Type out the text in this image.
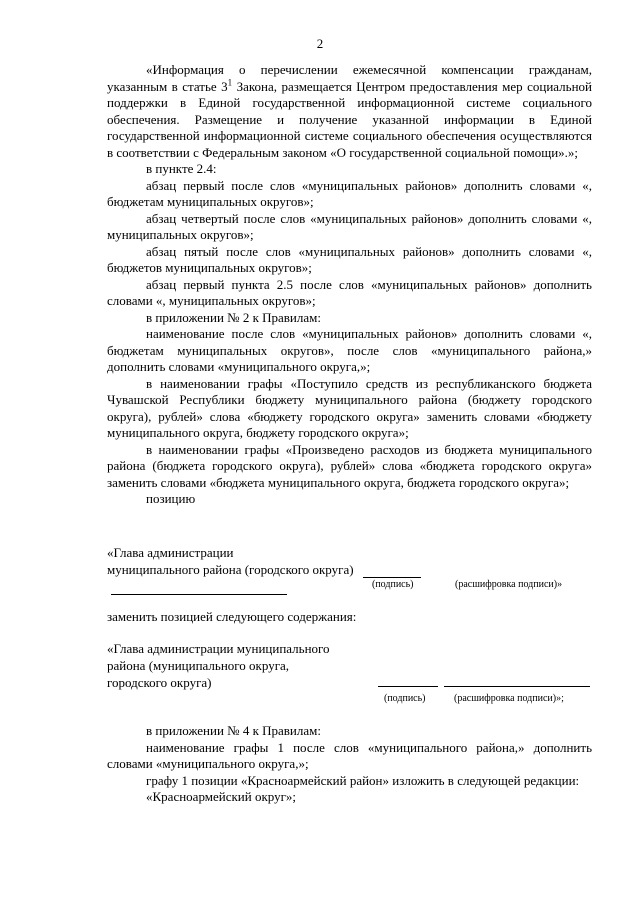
2

«Информация о перечислении ежемесячной компенсации гражданам, указанным в статье $3^1$ Закона, размещается Центром предоставления мер социальной поддержки в Единой государственной информационной системе социального обеспечения. Размещение и получение указанной информации в Единой государственной информационной системе социального обеспечения осуществляются в соответствии с Федеральным законом «О государственной социальной помощи».»;

в пункте 2.4:

абзац первый после слов «муниципальных районов» дополнить словами «, бюджетам муниципальных округов»;

абзац четвертый после слов «муниципальных районов» дополнить словами «, муниципальных округов»;

абзац пятый после слов «муниципальных районов» дополнить словами «, бюджетов муниципальных округов»;

абзац первый пункта 2.5 после слов «муниципальных районов» дополнить словами «, муниципальных округов»;

в приложении № 2 к Правилам:

наименование после слов «муниципальных районов» дополнить словами «, бюджетам муниципальных округов», после слов «муниципального района,» дополнить словами «муниципального округа,»;

в наименовании графы «Поступило средств из республиканского бюджета Чувашской Республики бюджету муниципального района (бюджету городского округа), рублей» слова «бюджету городского округа» заменить словами «бюджету муниципального округа, бюджету городского округа»;

в наименовании графы «Произведено расходов из бюджета муниципального района (бюджета городского округа), рублей» слова «бюджета городского округа» заменить словами «бюджета муниципального округа, бюджета городского округа»;

позицию

«Глава администрации

муниципального района (городского округа)

(подпись)	(расшифровка подписи)»
заменить позицией следующего содержания:

«Глава администрации муниципального

района (муниципального округа,

городского округа)

(подпись)	(расшифровка подписи)»;

в приложении № 4 к Правилам:

наименование графы 1 после слов «муниципального района,» дополнить словами «муниципального округа,»;

графу 1 позиции «Красноармейский район» изложить в следующей редакции:

«Красноармейский округ»;
